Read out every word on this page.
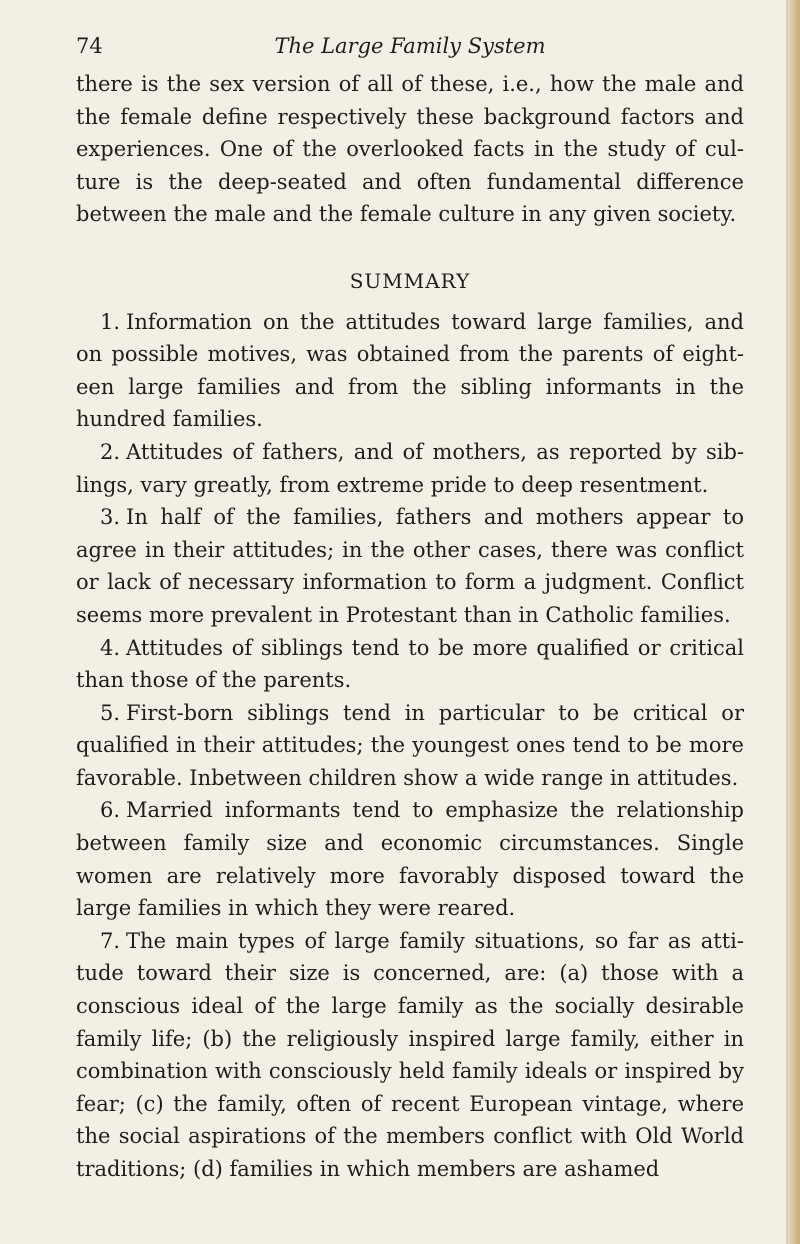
74	The Large Family System

there is the sex version of all of these, i.e., how the male and the female define respectively these background factors and experiences. One of the overlooked facts in the study of culture is the deep-seated and often fundamental difference between the male and the female culture in any given society.

SUMMARY

1. Information on the attitudes toward large families, and on possible motives, was obtained from the parents of eighteen large families and from the sibling informants in the hundred families.

2. Attitudes of fathers, and of mothers, as reported by siblings, vary greatly, from extreme pride to deep resentment.

3. In half of the families, fathers and mothers appear to agree in their attitudes; in the other cases, there was conflict or lack of necessary information to form a judgment. Conflict seems more prevalent in Protestant than in Catholic families.

4. Attitudes of siblings tend to be more qualified or critical than those of the parents.

5. First-born siblings tend in particular to be critical or qualified in their attitudes; the youngest ones tend to be more favorable. Inbetween children show a wide range in attitudes.

6. Married informants tend to emphasize the relationship between family size and economic circumstances. Single women are relatively more favorably disposed toward the large families in which they were reared.

7. The main types of large family situations, so far as attitude toward their size is concerned, are: (a) those with a conscious ideal of the large family as the socially desirable family life; (b) the religiously inspired large family, either in combination with consciously held family ideals or inspired by fear; (c) the family, often of recent European vintage, where the social aspirations of the members conflict with Old World traditions; (d) families in which members are ashamed
